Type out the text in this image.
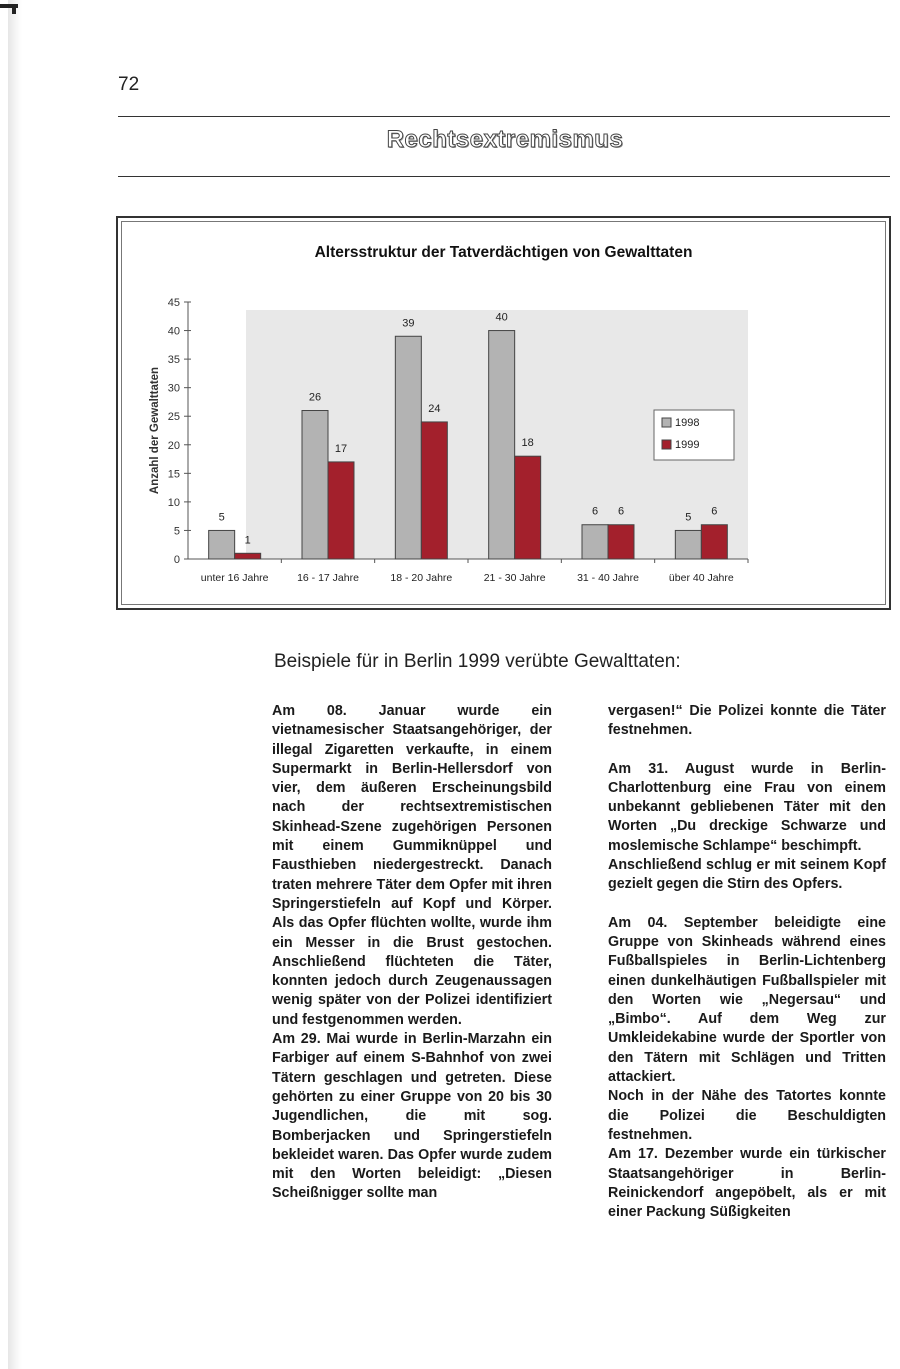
72
Rechtsextremismus
Altersstruktur der Tatverdächtigen von Gewalttaten
0
5
10
15
20
25
30
35
40
45
Anzahl der Gewalttaten
unter 16 Jahre
5
1
16 - 17 Jahre
26
17
18 - 20 Jahre
39
24
21 - 30 Jahre
40
18
31 - 40 Jahre
6 6
über 40 Jahre
5 6
1998
1999
Beispiele für in Berlin 1999 verübte Gewalttaten:

Am 08. Januar wurde ein vietnamesischer Staatsangehöriger, der illegal Zigaretten verkaufte, in einem Supermarkt in Berlin-Hellersdorf von vier, dem äußeren Erscheinungsbild nach der rechtsextremistischen Skinhead-Szene zugehörigen Personen mit einem Gummiknüppel und Fausthieben niedergestreckt. Danach traten mehrere Täter dem Opfer mit ihren Springerstiefeln auf Kopf und Körper. Als das Opfer flüchten wollte, wurde ihm ein Messer in die Brust gestochen. Anschließend flüchteten die Täter, konnten jedoch durch Zeugenaussagen wenig später von der Polizei identifiziert und festgenommen werden.

Am 29. Mai wurde in Berlin-Marzahn ein Farbiger auf einem S-Bahnhof von zwei Tätern geschlagen und getreten. Diese gehörten zu einer Gruppe von 20 bis 30 Jugendlichen, die mit sog. Bomberjacken und Springerstiefeln bekleidet waren. Das Opfer wurde zudem mit den Worten beleidigt: „Diesen Scheißnigger sollte man

vergasen!“ Die Polizei konnte die Täter festnehmen.

Am 31. August wurde in Berlin-Charlottenburg eine Frau von einem unbekannt gebliebenen Täter mit den Worten „Du dreckige Schwarze und moslemische Schlampe“ beschimpft.

Anschließend schlug er mit seinem Kopf gezielt gegen die Stirn des Opfers.

Am 04. September beleidigte eine Gruppe von Skinheads während eines Fußballspieles in Berlin-Lichtenberg einen dunkelhäutigen Fußballspieler mit den Worten wie „Negersau“ und „Bimbo“. Auf dem Weg zur Umkleidekabine wurde der Sportler von den Tätern mit Schlägen und Tritten attackiert.

Noch in der Nähe des Tatortes konnte die Polizei die Beschuldigten festnehmen.

Am 17. Dezember wurde ein türkischer Staatsangehöriger in Berlin-Reinickendorf angepöbelt, als er mit einer Packung Süßigkeiten
